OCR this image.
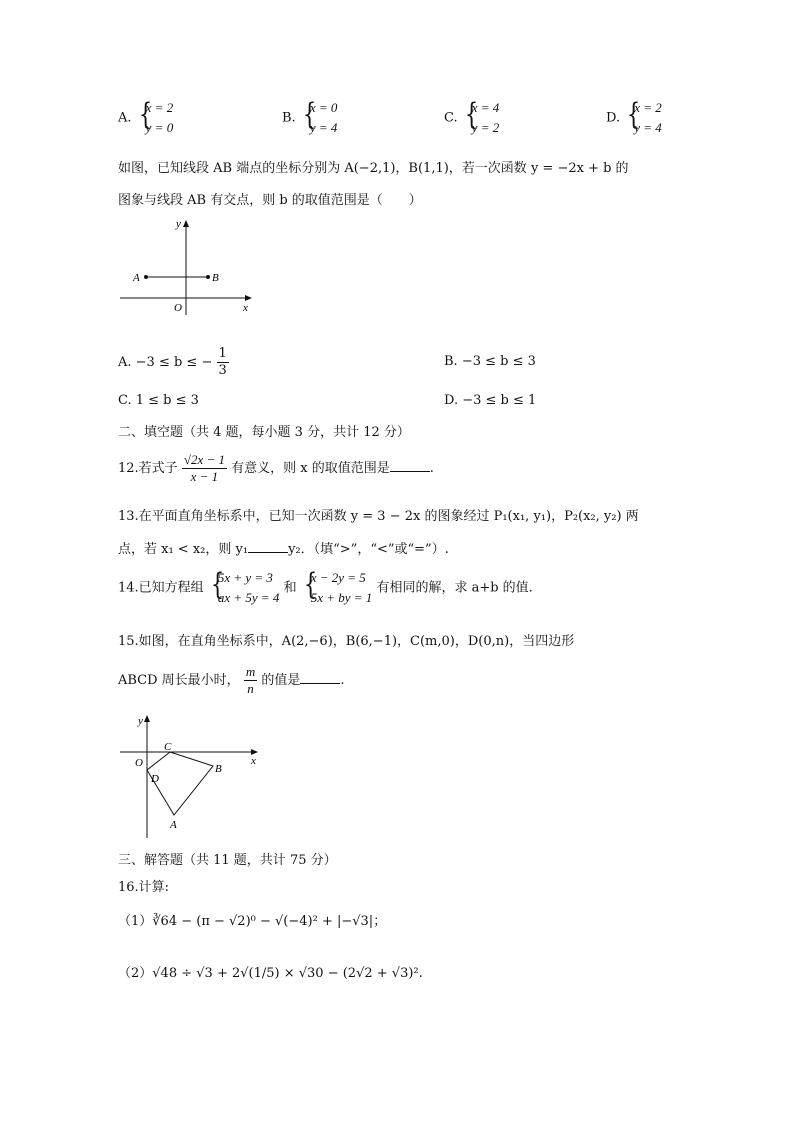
A. {
x = 2
y = 0
B. {
x = 0
y = 4
C. {
x = 4
y = 2
D. {
x = 2
y = 4
如图，已知线段 AB 端点的坐标分别为 A(−2,1)，B(1,1)，若一次函数 y = −2x + b 的
图象与线段 AB 有交点，则 b 的取值范围是（　　）
y
x
O
A	B
A. −3 ≤ b ≤ − $\frac{1}{3}$	B. −3 ≤ b ≤ 3
C. 1 ≤ b ≤ 3	D. −3 ≤ b ≤ 1
二、填空题（共 4 题，每小题 3 分，共计 12 分）
12.若式子 $\frac{√2x - 1}{x - 1}$ 有意义，则 x 的取值范围是	.
13.在平面直角坐标系中，已知一次函数 y = 3 − 2x 的图象经过 P₁(x₁, y₁)，P₂(x₂, y₂) 两
点，若 x₁ < x₂，则 y₁	y₂．（填“>”，“<”或“=”）.
14.已知方程组 {
5x + y = 3
ax + 5y = 4
和 {
x − 2y = 5
5x + by = 1
有相同的解，求 a+b 的值.
15.如图，在直角坐标系中，A(2,−6)，B(6,−1)，C(m,0)，D(0,n)，当四边形
ABCD 周长最小时， $\frac{m}{n}$ 的值是	.
y
x
O
C
D
B
A
三、解答题（共 11 题，共计 75 分）
16.计算:
（1）∛64 − (π − √2)⁰ − √(−4)² + |−√3|；
（2）√48 ÷ √3 + 2√(1/5) × √30 − (2√2 + √3)².
